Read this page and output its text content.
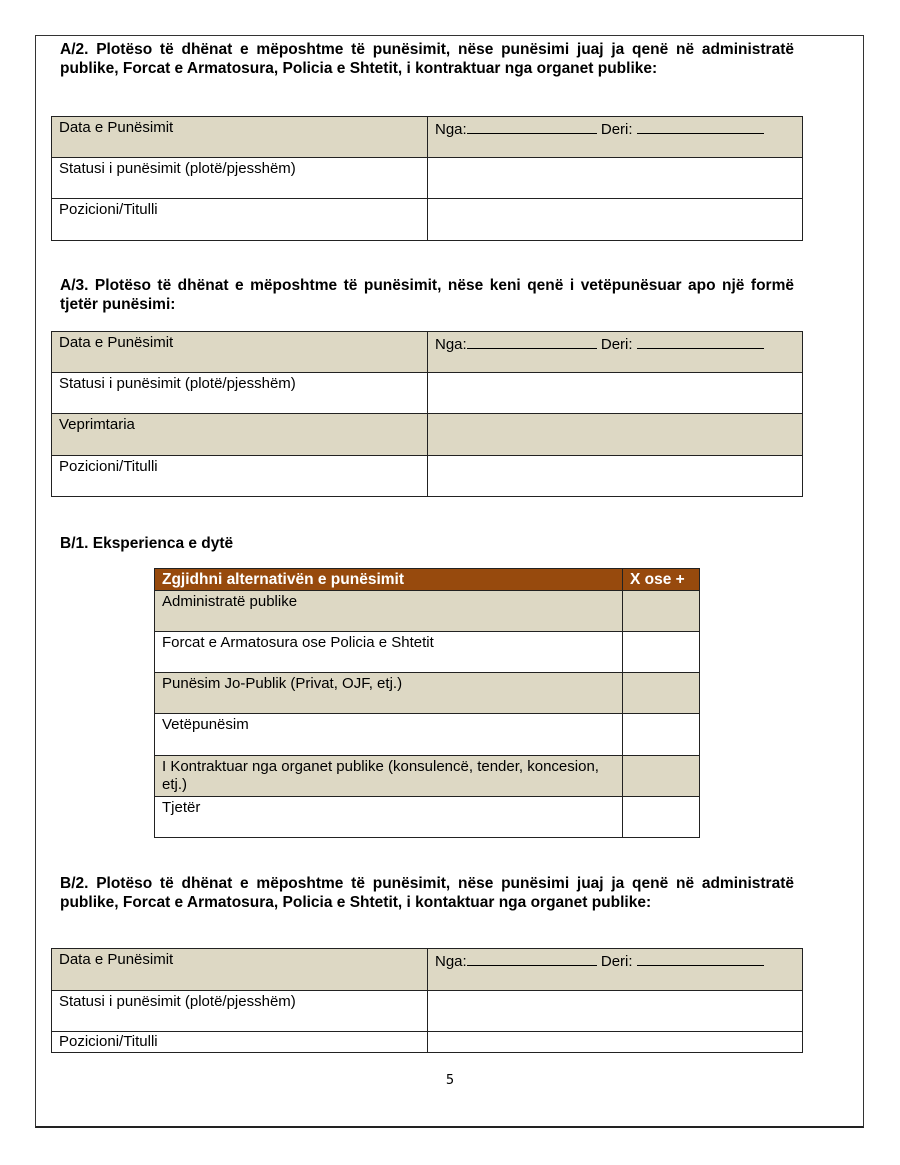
A/2. Plotëso të dhënat e mëposhtme të punësimit, nëse punësimi juaj ja qenë në administratë publike, Forcat e Armatosura, Policia e Shtetit, i kontraktuar nga organet publike:
Data e Punësimit	Nga: Deri:
Statusi i punësimit (plotë/pjesshëm)	
Pozicioni/Titulli	
A/3. Plotëso të dhënat e mëposhtme të punësimit, nëse keni qenë i vetëpunësuar apo një formë tjetër punësimi:
Data e Punësimit	Nga: Deri:
Statusi i punësimit (plotë/pjesshëm)	
Veprimtaria	
Pozicioni/Titulli	
B/1. Eksperienca e dytë
Zgjidhni alternativën e punësimit	X ose +
Administratë publike	
Forcat e Armatosura ose Policia e Shtetit	
Punësim Jo-Publik (Privat, OJF, etj.)	
Vetëpunësim	
I Kontraktuar nga organet publike (konsulencë, tender, koncesion, etj.)	
Tjetër	
B/2. Plotëso të dhënat e mëposhtme të punësimit, nëse punësimi juaj ja qenë në administratë publike, Forcat e Armatosura, Policia e Shtetit, i kontaktuar nga organet publike:
Data e Punësimit	Nga: Deri:
Statusi i punësimit (plotë/pjesshëm)	
Pozicioni/Titulli	
5
